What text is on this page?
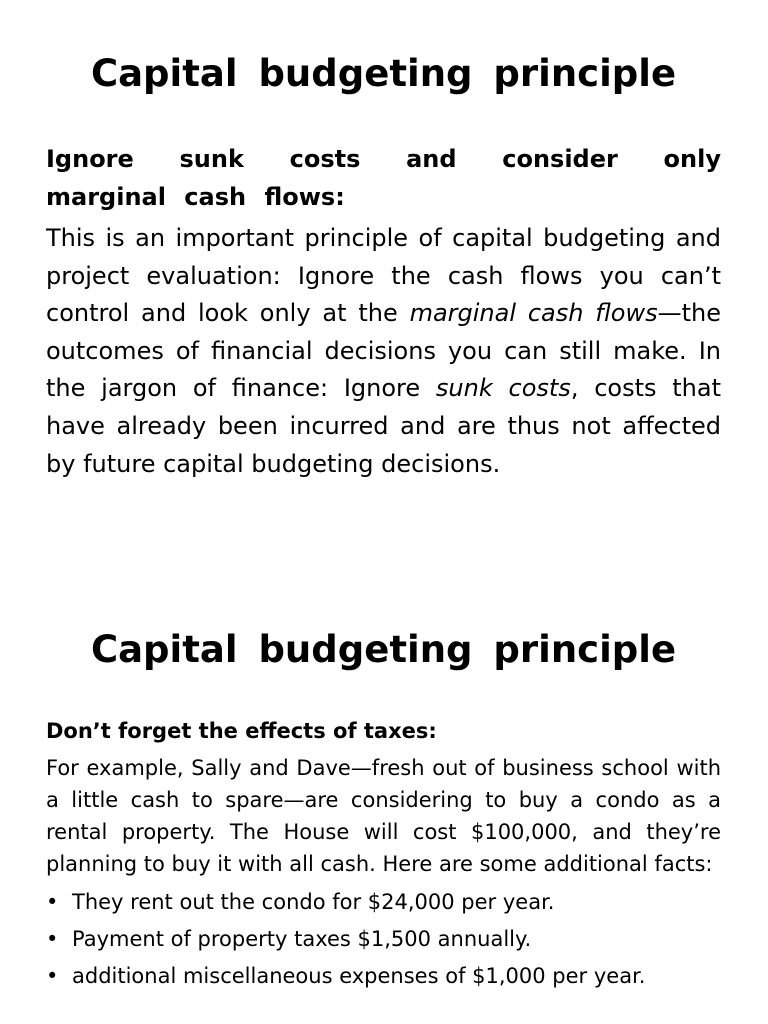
Capital budgeting principle

Ignore sunk costs and consider only marginal cash flows:

This is an important principle of capital budgeting and project evaluation: Ignore the cash flows you can’t control and look only at the marginal cash flows—the outcomes of financial decisions you can still make. In the jargon of finance: Ignore sunk costs, costs that have already been incurred and are thus not affected by future capital budgeting decisions.

Capital budgeting principle

Don’t forget the effects of taxes:

For example, Sally and Dave—fresh out of business school with a little cash to spare—are considering to buy a condo as a rental property. The House will cost $100,000, and they’re planning to buy it with all cash. Here are some additional facts:

• They rent out the condo for $24,000 per year.
• Payment of property taxes $1,500 annually.
• additional miscellaneous expenses of $1,000 per year.
